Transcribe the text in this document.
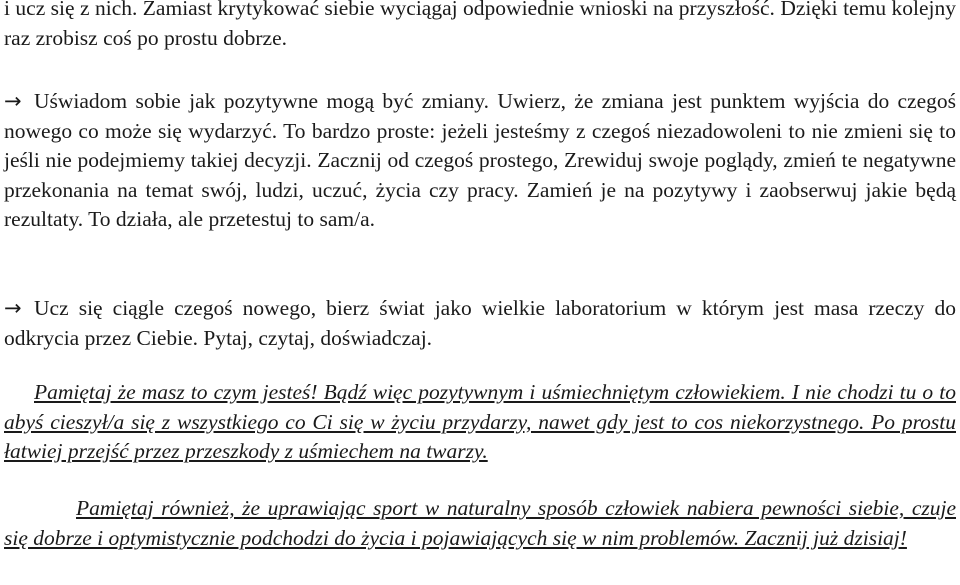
i ucz się z nich. Zamiast krytykować siebie wyciągaj odpowiednie wnioski na przyszłość. Dzięki temu kolejny raz zrobisz coś po prostu dobrze.

→ Uświadom sobie jak pozytywne mogą być zmiany. Uwierz, że zmiana jest punktem wyjścia do czegoś nowego co może się wydarzyć. To bardzo proste: jeżeli jesteśmy z czegoś niezadowoleni to nie zmieni się to jeśli nie podejmiemy takiej decyzji. Zacznij od czegoś prostego, Zrewiduj swoje poglądy, zmień te negatywne przekonania na temat swój, ludzi, uczuć, życia czy pracy. Zamień je na pozytywy i zaobserwuj jakie będą rezultaty. To działa, ale przetestuj to sam/a.

→ Ucz się ciągle czegoś nowego, bierz świat jako wielkie laboratorium w którym jest masa rzeczy do odkrycia przez Ciebie. Pytaj, czytaj, doświadczaj.

Pamiętaj że masz to czym jesteś! Bądź więc pozytywnym i uśmiechniętym człowiekiem. I nie chodzi tu o to abyś cieszył/a się z wszystkiego co Ci się w życiu przydarzy, nawet gdy jest to cos niekorzystnego. Po prostu łatwiej przejść przez przeszkody z uśmiechem na twarzy.

Pamiętaj również, że uprawiając sport w naturalny sposób człowiek nabiera pewności siebie, czuje się dobrze i optymistycznie podchodzi do życia i pojawiających się w nim problemów. Zacznij już dzisiaj!
